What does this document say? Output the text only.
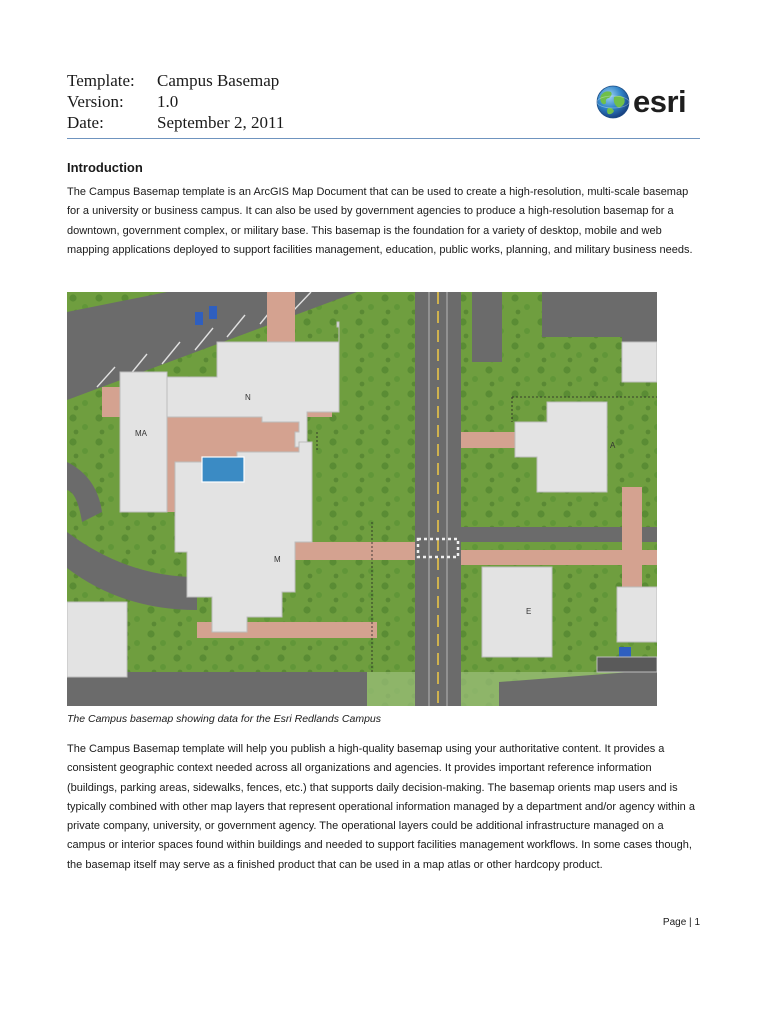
Template:	Campus Basemap
Version:	1.0
Date:	September 2, 2011
esri
Introduction

The Campus Basemap template is an ArcGIS Map Document that can be used to create a high-resolution, multi-scale basemap for a university or business campus. It can also be used by government agencies to produce a high-resolution basemap for a downtown, government complex, or military base. This basemap is the foundation for a variety of desktop, mobile and web mapping applications deployed to support facilities management, education, public works, planning, and military business needs.

N
MA
M
A
E
The Campus basemap showing data for the Esri Redlands Campus

The Campus Basemap template will help you publish a high-quality basemap using your authoritative content. It provides a consistent geographic context needed across all organizations and agencies. It provides important reference information (buildings, parking areas, sidewalks, fences, etc.) that supports daily decision-making. The basemap orients map users and is typically combined with other map layers that represent operational information managed by a department and/or agency within a private company, university, or government agency. The operational layers could be additional infrastructure managed on a campus or interior spaces found within buildings and needed to support facilities management workflows. In some cases though, the basemap itself may serve as a finished product that can be used in a map atlas or other hardcopy product.

Page | 1
